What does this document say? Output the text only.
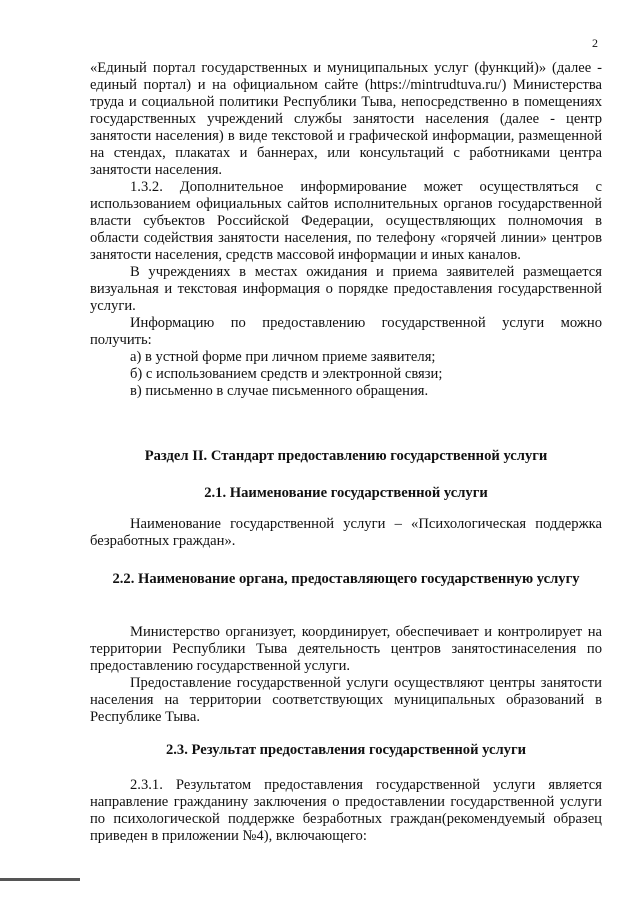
2

«Единый портал государственных и муниципальных услуг (функций)» (далее - единый портал) и на официальном сайте (https://mintrudtuva.ru/) Министерства труда и социальной политики Республики Тыва, непосредственно в помещениях государственных учреждений службы занятости населения (далее - центр занятости населения) в виде текстовой и графической информации, размещенной на стендах, плакатах и баннерах, или консультаций с работниками центра занятости населения.

1.3.2. Дополнительное информирование может осуществляться с использованием официальных сайтов исполнительных органов государственной власти субъектов Российской Федерации, осуществляющих полномочия в области содействия занятости населения, по телефону «горячей линии» центров занятости населения, средств массовой информации и иных каналов.

В учреждениях в местах ожидания и приема заявителей размещается визуальная и текстовая информация о порядке предоставления государственной услуги.

Информацию по предоставлению государственной услуги можно получить:

а) в устной форме при личном приеме заявителя;

б) с использованием средств и электронной связи;

в) письменно в случае письменного обращения.

Раздел II. Стандарт предоставлению государственной услуги
2.1. Наименование государственной услуги

Наименование государственной услуги – «Психологическая поддержка безработных граждан».

2.2. Наименование органа, предоставляющего государственную услугу

Министерство организует, координирует, обеспечивает и контролирует на территории Республики Тыва деятельность центров занятостинаселения по предоставлению государственной услуги.

Предоставление государственной услуги осуществляют центры занятости населения на территории соответствующих муниципальных образований в Республике Тыва.

2.3. Результат предоставления государственной услуги

2.3.1. Результатом предоставления государственной услуги является направление гражданину заключения о предоставлении государственной услуги по психологической поддержке безработных граждан(рекомендуемый образец приведен в приложении №4), включающего:
